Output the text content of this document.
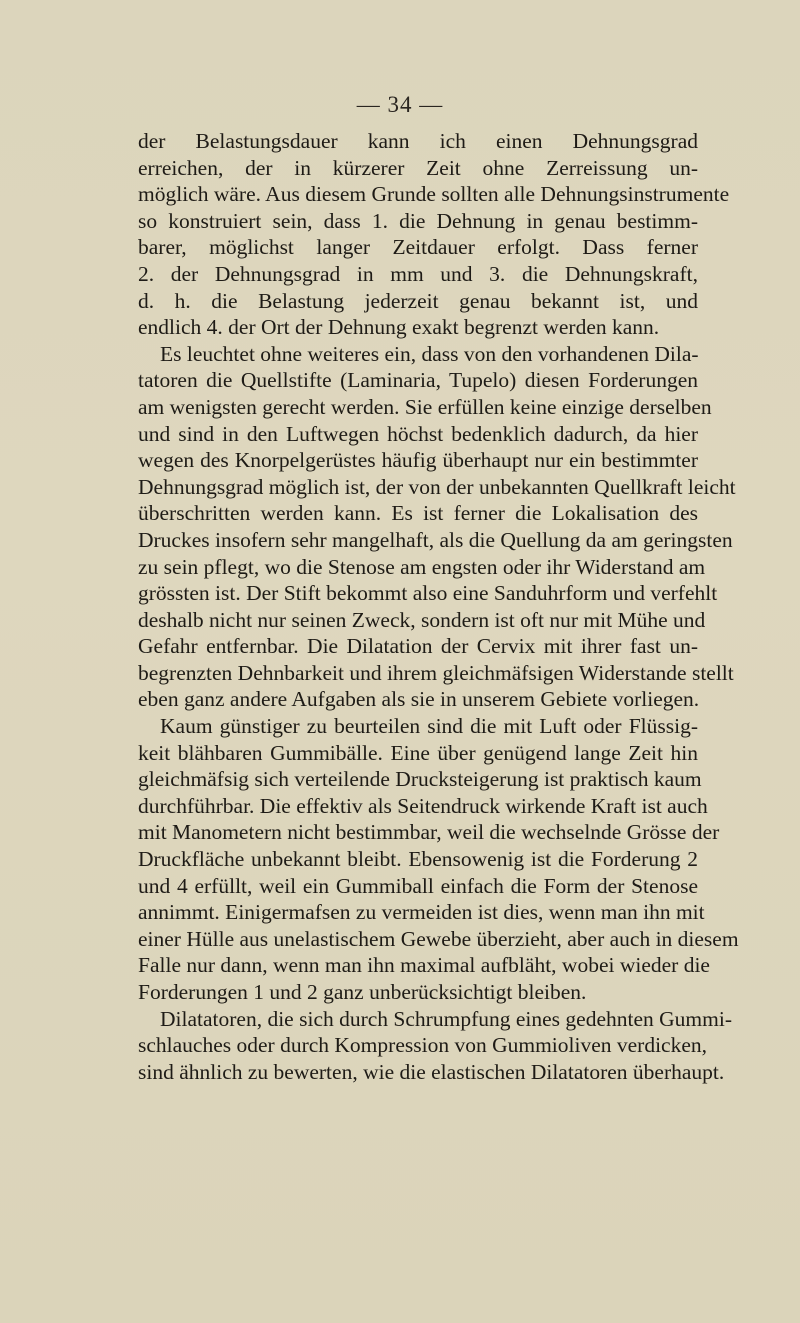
— 34 —
der Belastungsdauer kann ich einen Dehnungsgrad
erreichen, der in kürzerer Zeit ohne Zerreissung un-
möglich wäre. Aus diesem Grunde sollten alle Dehnungsinstrumente
so konstruiert sein, dass 1. die Dehnung in genau bestimm-
barer, möglichst langer Zeitdauer erfolgt. Dass ferner
2. der Dehnungsgrad in mm und 3. die Dehnungskraft,
d. h. die Belastung jederzeit genau bekannt ist, und
endlich 4. der Ort der Dehnung exakt begrenzt werden kann.
Es leuchtet ohne weiteres ein, dass von den vorhandenen Dila-
tatoren die Quellstifte (Laminaria, Tupelo) diesen Forderungen
am wenigsten gerecht werden. Sie erfüllen keine einzige derselben
und sind in den Luftwegen höchst bedenklich dadurch, da hier
wegen des Knorpelgerüstes häufig überhaupt nur ein bestimmter
Dehnungsgrad möglich ist, der von der unbekannten Quellkraft leicht
überschritten werden kann. Es ist ferner die Lokalisation des
Druckes insofern sehr mangelhaft, als die Quellung da am geringsten
zu sein pflegt, wo die Stenose am engsten oder ihr Widerstand am
grössten ist. Der Stift bekommt also eine Sanduhrform und verfehlt
deshalb nicht nur seinen Zweck, sondern ist oft nur mit Mühe und
Gefahr entfernbar. Die Dilatation der Cervix mit ihrer fast un-
begrenzten Dehnbarkeit und ihrem gleichmäfsigen Widerstande stellt
eben ganz andere Aufgaben als sie in unserem Gebiete vorliegen.
Kaum günstiger zu beurteilen sind die mit Luft oder Flüssig-
keit blähbaren Gummibälle. Eine über genügend lange Zeit hin
gleichmäfsig sich verteilende Drucksteigerung ist praktisch kaum
durchführbar. Die effektiv als Seitendruck wirkende Kraft ist auch
mit Manometern nicht bestimmbar, weil die wechselnde Grösse der
Druckfläche unbekannt bleibt. Ebensowenig ist die Forderung 2
und 4 erfüllt, weil ein Gummiball einfach die Form der Stenose
annimmt. Einigermafsen zu vermeiden ist dies, wenn man ihn mit
einer Hülle aus unelastischem Gewebe überzieht, aber auch in diesem
Falle nur dann, wenn man ihn maximal aufbläht, wobei wieder die
Forderungen 1 und 2 ganz unberücksichtigt bleiben.
Dilatatoren, die sich durch Schrumpfung eines gedehnten Gummi-
schlauches oder durch Kompression von Gummioliven verdicken,
sind ähnlich zu bewerten, wie die elastischen Dilatatoren überhaupt.
